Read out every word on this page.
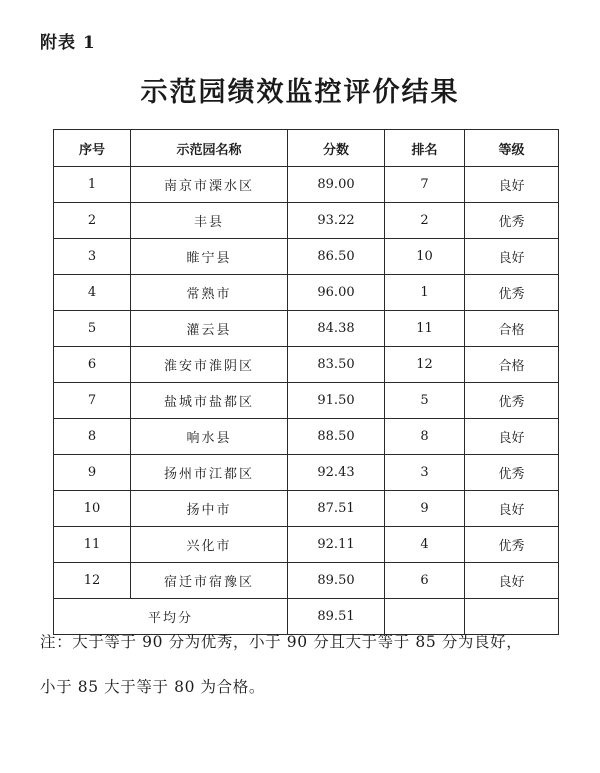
附表 1
示范园绩效监控评价结果
序号	示范园名称	分数	排名	等级
1	南京市溧水区	89.00	7	良好
2	丰县	93.22	2	优秀
3	睢宁县	86.50	10	良好
4	常熟市	96.00	1	优秀
5	灌云县	84.38	11	合格
6	淮安市淮阴区	83.50	12	合格
7	盐城市盐都区	91.50	5	优秀
8	响水县	88.50	8	良好
9	扬州市江都区	92.43	3	优秀
10	扬中市	87.51	9	良好
11	兴化市	92.11	4	优秀
12	宿迁市宿豫区	89.50	6	良好
平均分		89.51		
注：大于等于 90 分为优秀，小于 90 分且大于等于 85 分为良好，
小于 85 大于等于 80 为合格。
